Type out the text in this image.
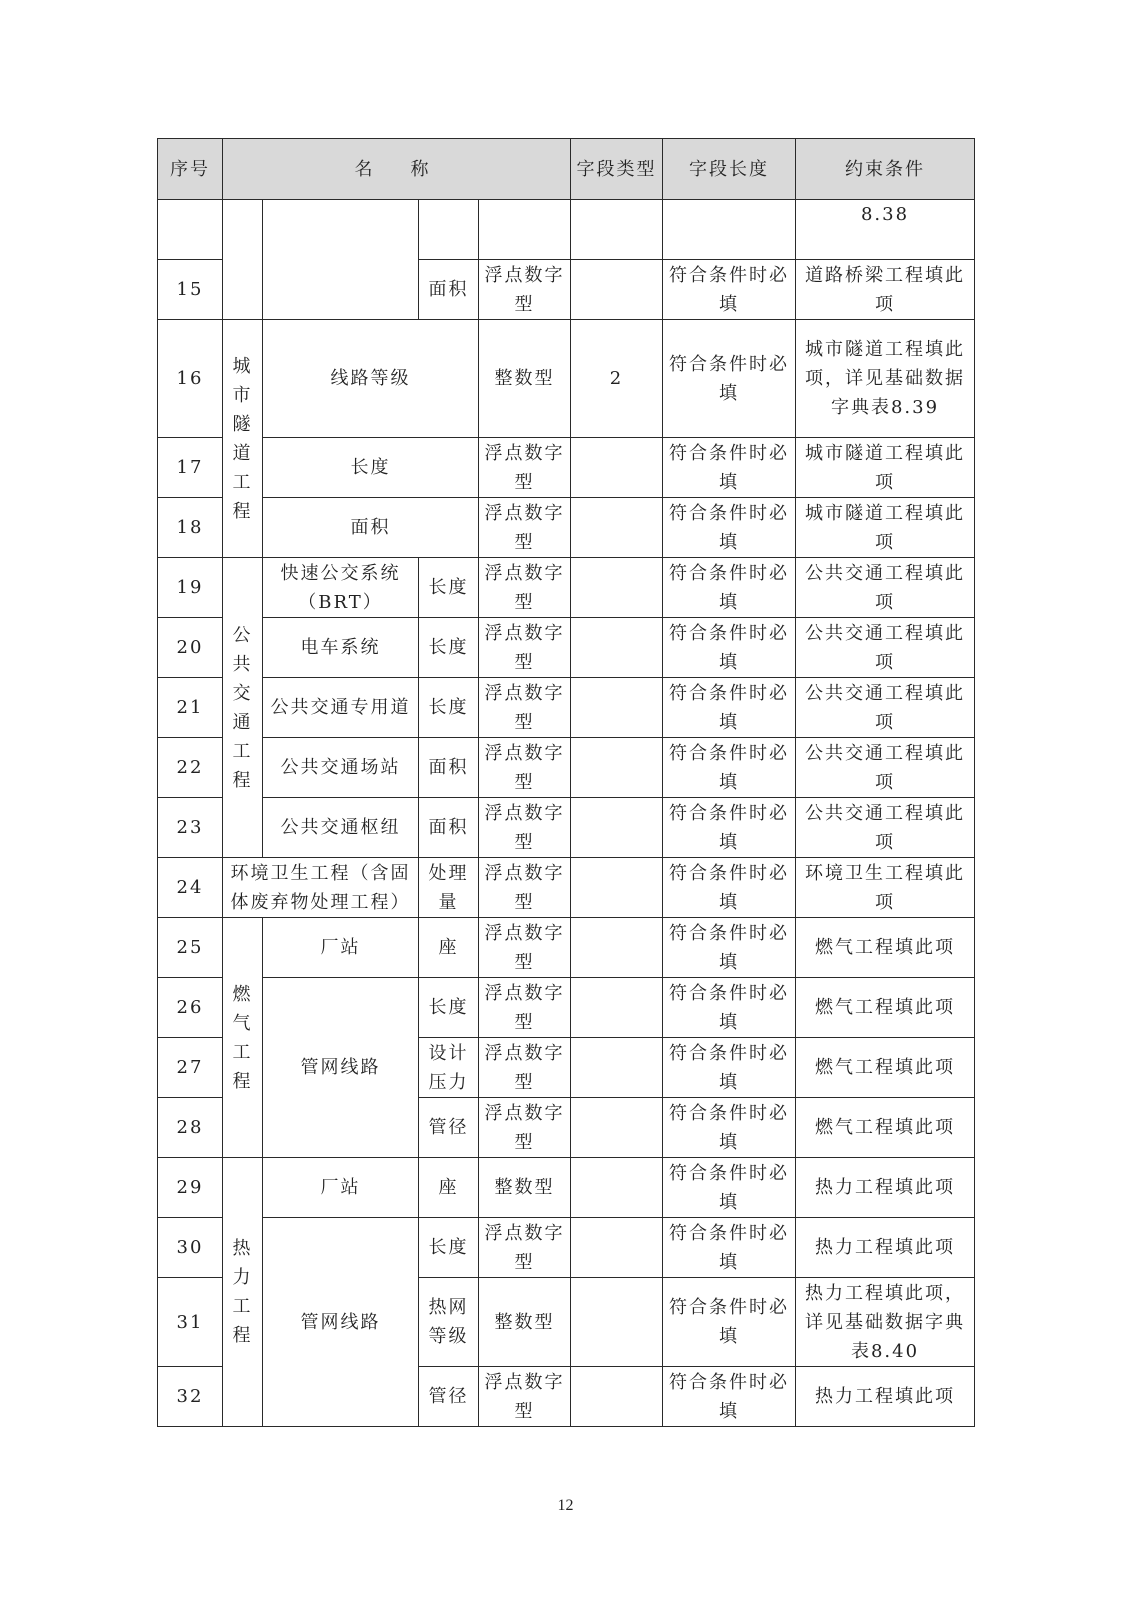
序号	名　称				字段类型	字段长度	约束条件	
							8.38	
15			面积	浮点数字型		符合条件时必填	道路桥梁工程填此项	
16	城市隧道工程	线路等级		整数型	2	符合条件时必填	城市隧道工程填此项，详见基础数据字典表8.39	
17		长度		浮点数字型		符合条件时必填	城市隧道工程填此项	
18		面积		浮点数字型		符合条件时必填	城市隧道工程填此项	
19	公共交通工程	快速公交系统（BRT）	长度	浮点数字型		符合条件时必填	公共交通工程填此项	
20		电车系统	长度	浮点数字型		符合条件时必填	公共交通工程填此项	
21		公共交通专用道	长度	浮点数字型		符合条件时必填	公共交通工程填此项	
22		公共交通场站	面积	浮点数字型		符合条件时必填	公共交通工程填此项	
23		公共交通枢纽	面积	浮点数字型		符合条件时必填	公共交通工程填此项	
24	环境卫生工程（含固体废弃物处理工程）		处理量	浮点数字型		符合条件时必填	环境卫生工程填此项	
25	燃气工程	厂站	座	浮点数字型		符合条件时必填	燃气工程填此项	
26		管网线路	长度	浮点数字型		符合条件时必填	燃气工程填此项	
27			设计压力	浮点数字型		符合条件时必填	燃气工程填此项	
28			管径	浮点数字型		符合条件时必填	燃气工程填此项	
29	热力工程	厂站	座	整数型		符合条件时必填	热力工程填此项	
30		管网线路	长度	浮点数字型		符合条件时必填	热力工程填此项	
31			热网等级	整数型		符合条件时必填	热力工程填此项，详见基础数据字典表8.40	
32			管径	浮点数字型		符合条件时必填	热力工程填此项	
12
